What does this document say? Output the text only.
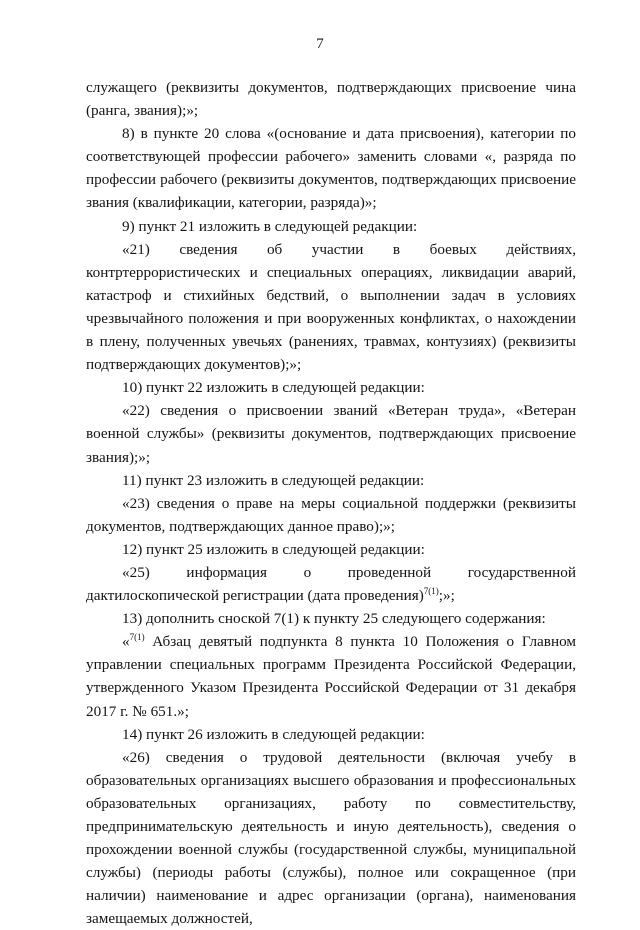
7

служащего (реквизиты документов, подтверждающих присвоение чина (ранга, звания);»;

8) в пункте 20 слова «(основание и дата присвоения), категории по соответствующей профессии рабочего» заменить словами «, разряда по профессии рабочего (реквизиты документов, подтверждающих присвоение звания (квалификации, категории, разряда)»;

9) пункт 21 изложить в следующей редакции:

«21) сведения об участии в боевых действиях, контртеррористических и специальных операциях, ликвидации аварий, катастроф и стихийных бедствий, о выполнении задач в условиях чрезвычайного положения и при вооруженных конфликтах, о нахождении в плену, полученных увечьях (ранениях, травмах, контузиях) (реквизиты подтверждающих документов);»;

10) пункт 22 изложить в следующей редакции:

«22) сведения о присвоении званий «Ветеран труда», «Ветеран военной службы» (реквизиты документов, подтверждающих присвоение звания);»;

11) пункт 23 изложить в следующей редакции:

«23) сведения о праве на меры социальной поддержки (реквизиты документов, подтверждающих данное право);»;

12) пункт 25 изложить в следующей редакции:

«25) информация о проведенной государственной дактилоскопической регистрации (дата проведения)$^{7(1)}$;»;

13) дополнить сноской 7(1) к пункту 25 следующего содержания:

«$^{7(1)}$ Абзац девятый подпункта 8 пункта 10 Положения о Главном управлении специальных программ Президента Российской Федерации, утвержденного Указом Президента Российской Федерации от 31 декабря 2017 г. № 651.»;

14) пункт 26 изложить в следующей редакции:

«26) сведения о трудовой деятельности (включая учебу в образовательных организациях высшего образования и профессиональных образовательных организациях, работу по совместительству, предпринимательскую деятельность и иную деятельность), сведения о прохождении военной службы (государственной службы, муниципальной службы) (периоды работы (службы), полное или сокращенное (при наличии) наименование и адрес организации (органа), наименования замещаемых должностей,
